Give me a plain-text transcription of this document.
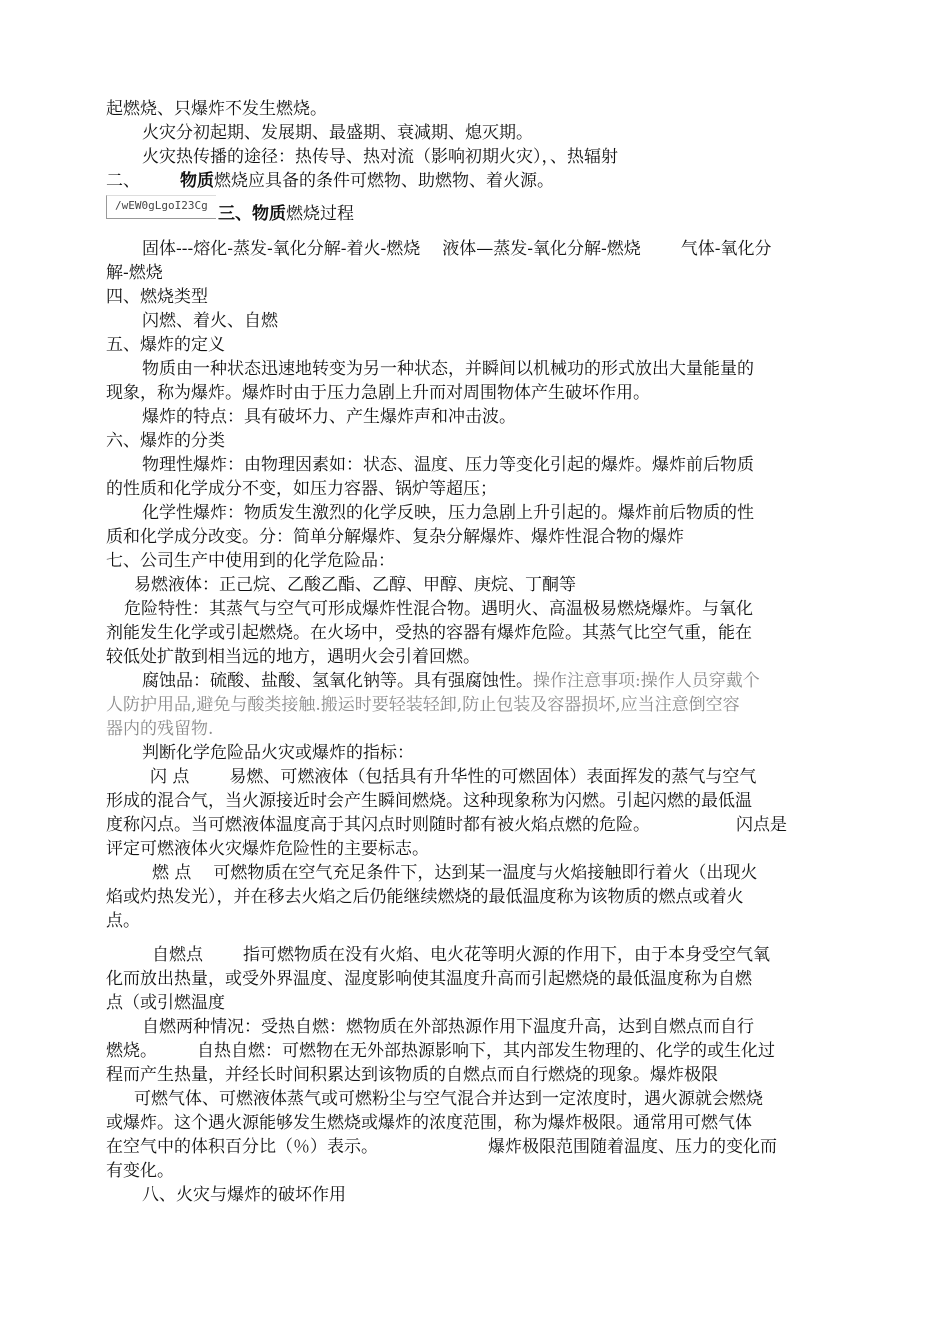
起燃烧、只爆炸不发生燃烧。
火灾分初起期、发展期、最盛期、衰减期、熄灭期。
火灾热传播的途径：热传导、热对流（影响初期火灾），、热辐射
二、 物质燃烧应具备的条件可燃物、助燃物、着火源。
/wEW0gLgoI23Cg 三、物质燃烧过程
固体---熔化-蒸发-氧化分解-着火-燃烧 液体—蒸发-氧化分解-燃烧 气体-氧化分
解-燃烧
四、燃烧类型
闪燃、着火、自燃
五、爆炸的定义
物质由一种状态迅速地转变为另一种状态，并瞬间以机械功的形式放出大量能量的
现象，称为爆炸。爆炸时由于压力急剧上升而对周围物体产生破坏作用。
爆炸的特点：具有破坏力、产生爆炸声和冲击波。
六、爆炸的分类
物理性爆炸：由物理因素如：状态、温度、压力等变化引起的爆炸。爆炸前后物质
的性质和化学成分不变，如压力容器、锅炉等超压；
化学性爆炸：物质发生激烈的化学反映，压力急剧上升引起的。爆炸前后物质的性
质和化学成分改变。分：简单分解爆炸、复杂分解爆炸、爆炸性混合物的爆炸
七、公司生产中使用到的化学危险品：
易燃液体：正己烷、乙酸乙酯、乙醇、甲醇、庚烷、丁酮等
危险特性：其蒸气与空气可形成爆炸性混合物。遇明火、高温极易燃烧爆炸。与氧化
剂能发生化学或引起燃烧。在火场中，受热的容器有爆炸危险。其蒸气比空气重，能在
较低处扩散到相当远的地方，遇明火会引着回燃。
腐蚀品：硫酸、盐酸、氢氧化钠等。具有强腐蚀性。操作注意事项:操作人员穿戴个
人防护用品,避免与酸类接触.搬运时要轻装轻卸,防止包装及容器损坏,应当注意倒空容
器内的残留物.
判断化学危险品火灾或爆炸的指标：
闪 点 易燃、可燃液体（包括具有升华性的可燃固体）表面挥发的蒸气与空气
形成的混合气，当火源接近时会产生瞬间燃烧。这种现象称为闪燃。引起闪燃的最低温
度称闪点。当可燃液体温度高于其闪点时则随时都有被火焰点燃的危险。	闪点是
评定可燃液体火灾爆炸危险性的主要标志。
燃 点 可燃物质在空气充足条件下，达到某一温度与火焰接触即行着火（出现火
焰或灼热发光），并在移去火焰之后仍能继续燃烧的最低温度称为该物质的燃点或着火
点。
自燃点 指可燃物质在没有火焰、电火花等明火源的作用下，由于本身受空气氧
化而放出热量，或受外界温度、湿度影响使其温度升高而引起燃烧的最低温度称为自燃
点（或引燃温度
自燃两种情况：受热自燃：燃物质在外部热源作用下温度升高，达到自燃点而自行
燃烧。 自热自燃：可燃物在无外部热源影响下，其内部发生物理的、化学的或生化过
程而产生热量，并经长时间积累达到该物质的自燃点而自行燃烧的现象。爆炸极限
可燃气体、可燃液体蒸气或可燃粉尘与空气混合并达到一定浓度时，遇火源就会燃烧
或爆炸。这个遇火源能够发生燃烧或爆炸的浓度范围，称为爆炸极限。通常用可燃气体
在空气中的体积百分比（％）表示。	爆炸极限范围随着温度、压力的变化而
有变化。
八、火灾与爆炸的破坏作用
